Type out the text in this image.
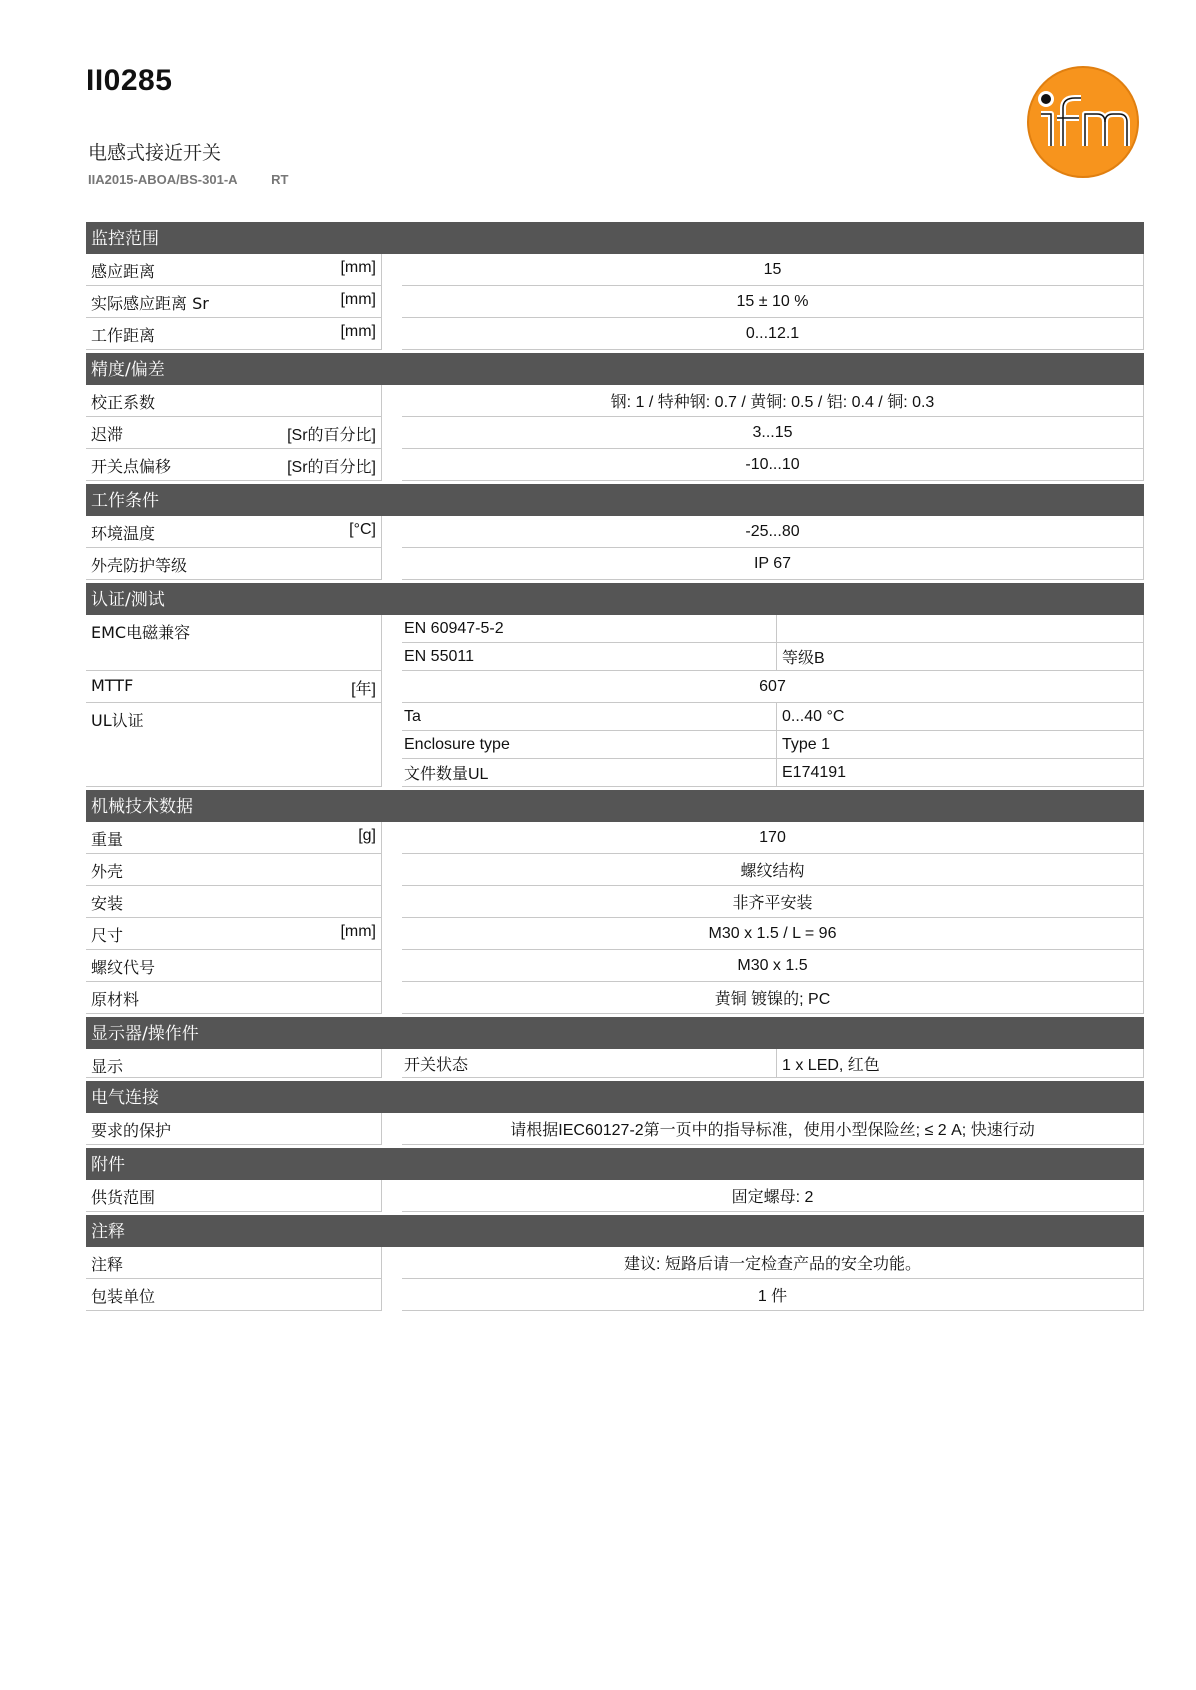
II0285
电感式接近开关
IIA2015-ABOA/BS-301-A	RT
监控范围
感应距离	[mm]	15
实际感应距离 Sr	[mm]	15 ± 10 %
工作距离	[mm]	0...12.1
精度/偏差
校正系数	钢: 1 / 特种钢: 0.7 / 黄铜: 0.5 / 铝: 0.4 / 铜: 0.3
迟滞	[Sr的百分比]	3...15
开关点偏移	[Sr的百分比]	-10...10
工作条件
环境温度	[°C]	-25...80
外壳防护等级	IP 67
认证/测试
EMC电磁兼容	EN 60947-5-2
EN 55011	等级B
MTTF	[年]	607
UL认证	Ta	0...40 °C
Enclosure type	Type 1
文件数量UL	E174191
机械技术数据
重量	[g]	170
外壳	螺纹结构
安装	非齐平安装
尺寸	[mm]	M30 x 1.5 / L = 96
螺纹代号	M30 x 1.5
原材料	黄铜 镀镍的; PC
显示器/操作件
显示	开关状态	1 x LED, 红色
电气连接
要求的保护	请根据IEC60127-2第一页中的指导标准，使用小型保险丝; ≤ 2 A; 快速行动
附件
供货范围	固定螺母: 2
注释
注释	建议: 短路后请一定检查产品的安全功能。
包装单位	1 件
